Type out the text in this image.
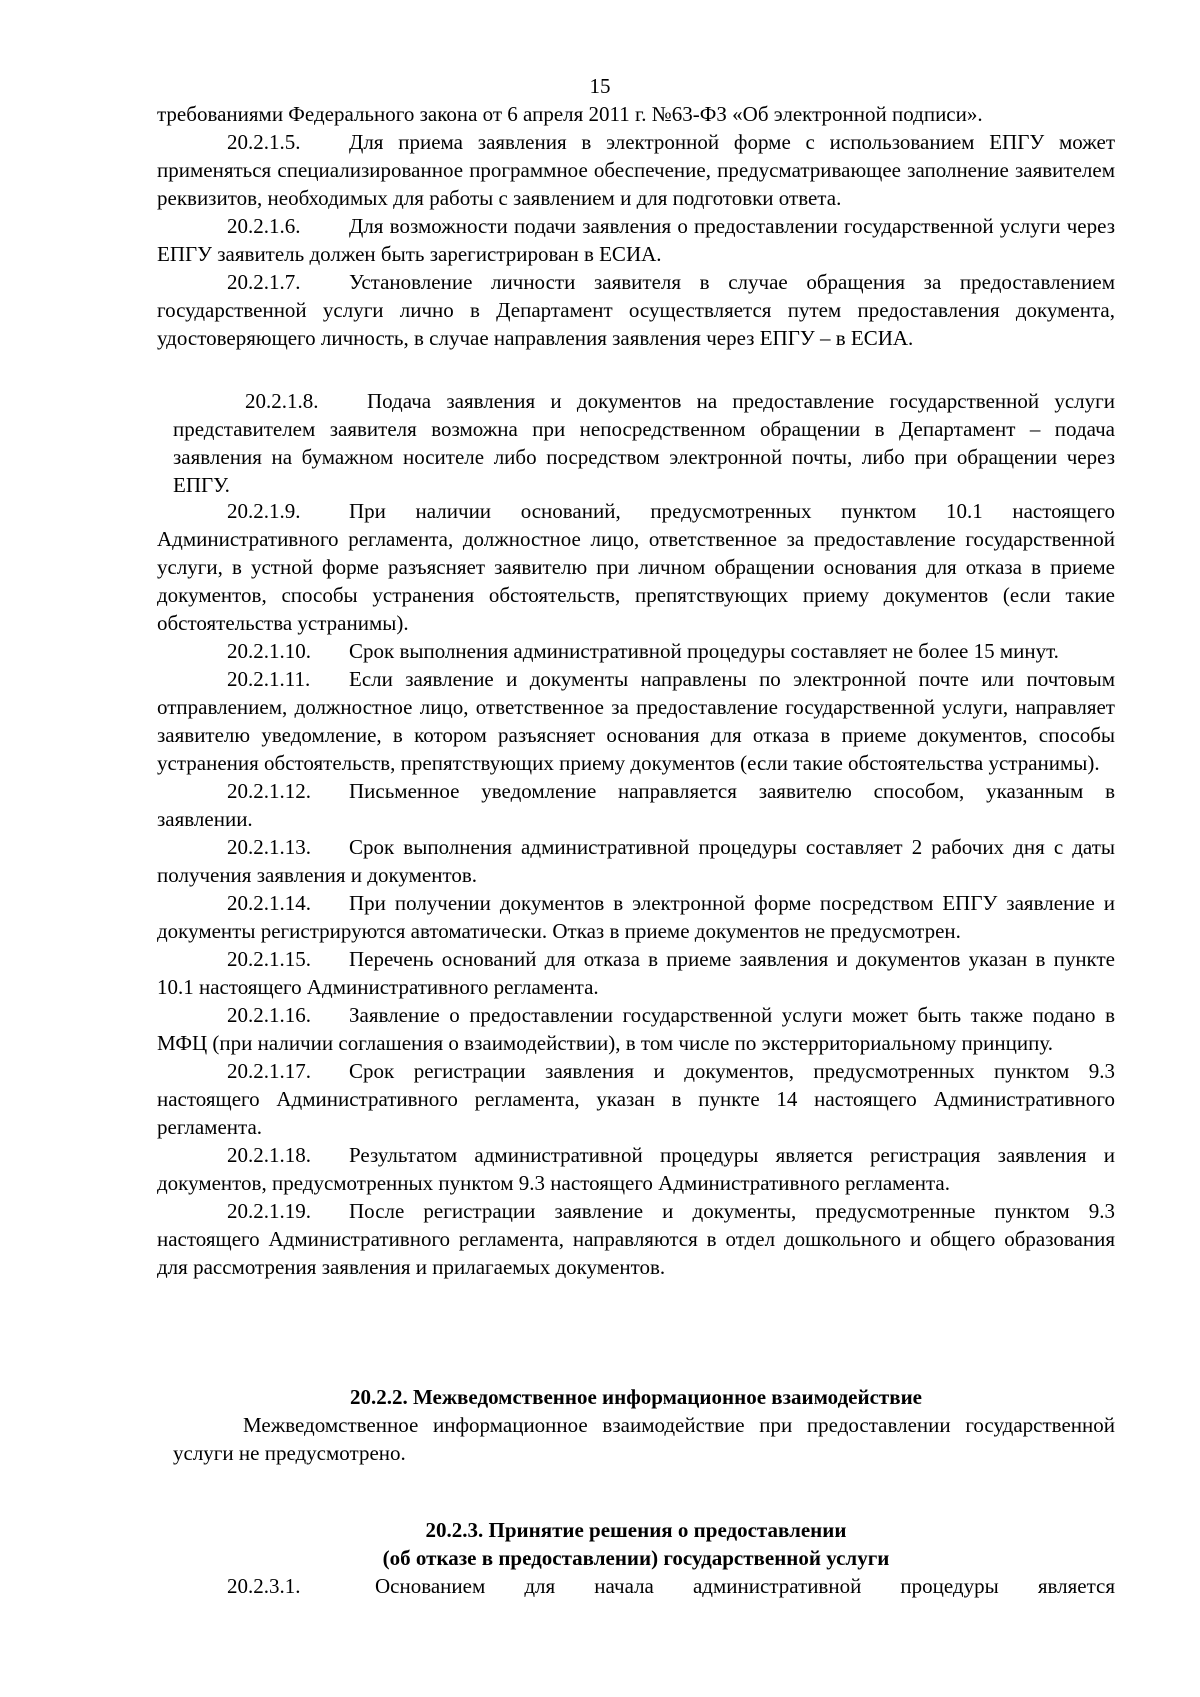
15

требованиями Федерального закона от 6 апреля 2011 г. №63-ФЗ «Об электронной подписи».

20.2.1.5. Для приема заявления в электронной форме с использованием ЕПГУ может применяться специализированное программное обеспечение, предусматривающее заполнение заявителем реквизитов, необходимых для работы с заявлением и для подготовки ответа.

20.2.1.6. Для возможности подачи заявления о предоставлении государственной услуги через ЕПГУ заявитель должен быть зарегистрирован в ЕСИА.

20.2.1.7. Установление личности заявителя в случае обращения за предоставлением государственной услуги лично в Департамент осуществляется путем предоставления документа, удостоверяющего личность, в случае направления заявления через ЕПГУ – в ЕСИА.

20.2.1.8. Подача заявления и документов на предоставление государственной услуги представителем заявителя возможна при непосредственном обращении в Департамент – подача заявления на бумажном носителе либо посредством электронной почты, либо при обращении через ЕПГУ.

20.2.1.9. При наличии оснований, предусмотренных пунктом 10.1 настоящего Административного регламента, должностное лицо, ответственное за предоставление государственной услуги, в устной форме разъясняет заявителю при личном обращении основания для отказа в приеме документов, способы устранения обстоятельств, препятствующих приему документов (если такие обстоятельства устранимы).

20.2.1.10. Срок выполнения административной процедуры составляет не более 15 минут.

20.2.1.11. Если заявление и документы направлены по электронной почте или почтовым отправлением, должностное лицо, ответственное за предоставление государственной услуги, направляет заявителю уведомление, в котором разъясняет основания для отказа в приеме документов, способы устранения обстоятельств, препятствующих приему документов (если такие обстоятельства устранимы).

20.2.1.12. Письменное уведомление направляется заявителю способом, указанным в заявлении.

20.2.1.13. Срок выполнения административной процедуры составляет 2 рабочих дня с даты получения заявления и документов.

20.2.1.14. При получении документов в электронной форме посредством ЕПГУ заявление и документы регистрируются автоматически. Отказ в приеме документов не предусмотрен.

20.2.1.15. Перечень оснований для отказа в приеме заявления и документов указан в пункте 10.1 настоящего Административного регламента.

20.2.1.16. Заявление о предоставлении государственной услуги может быть также подано в МФЦ (при наличии соглашения о взаимодействии), в том числе по экстерриториальному принципу.

20.2.1.17. Срок регистрации заявления и документов, предусмотренных пунктом 9.3 настоящего Административного регламента, указан в пункте 14 настоящего Административного регламента.

20.2.1.18. Результатом административной процедуры является регистрация заявления и документов, предусмотренных пунктом 9.3 настоящего Административного регламента.

20.2.1.19. После регистрации заявление и документы, предусмотренные пунктом 9.3 настоящего Административного регламента, направляются в отдел дошкольного и общего образования для рассмотрения заявления и прилагаемых документов.

20.2.2. Межведомственное информационное взаимодействие

Межведомственное информационное взаимодействие при предоставлении государственной услуги не предусмотрено.

20.2.3. Принятие решения о предоставлении

(об отказе в предоставлении) государственной услуги

20.2.3.1.	Основанием для начала административной процедуры является
